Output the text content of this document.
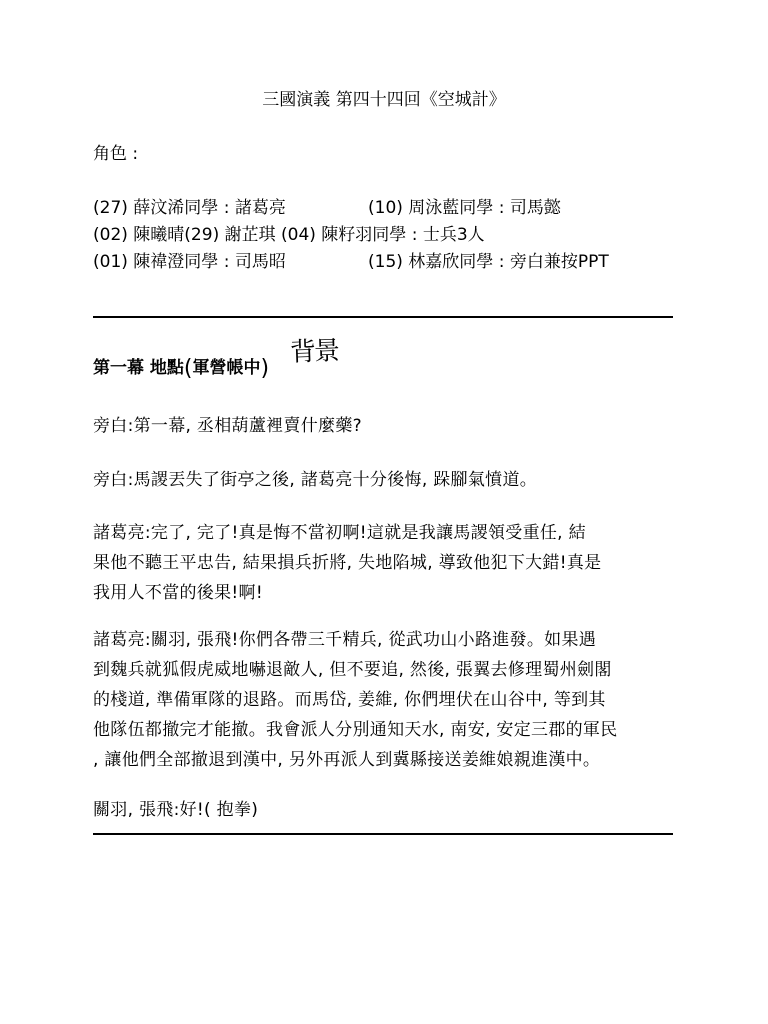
三國演義 第四十四回《空城計》
角色 :
(27) 薛汶浠同學 : 諸葛亮	(10) 周泳藍同學 : 司馬懿
(02) 陳曦晴(29) 謝芷琪 (04) 陳籽羽同學 : 士兵3人
(01) 陳禕澄同學 : 司馬昭	(15) 林嘉欣同學 : 旁白兼按PPT
第一幕 地點(軍營帳中)
背景

旁白:第一幕, 丞相葫蘆裡賣什麼藥?

旁白:馬謖丟失了街亭之後, 諸葛亮十分後悔, 跺腳氣憤道。

諸葛亮:完了, 完了!真是悔不當初啊!這就是我讓馬謖領受重任, 結

果他不聽王平忠告, 結果損兵折將, 失地陷城, 導致他犯下大錯!真是

我用人不當的後果!啊!

諸葛亮:關羽, 張飛!你們各帶三千精兵, 從武功山小路進發。如果遇

到魏兵就狐假虎威地嚇退敵人, 但不要追, 然後, 張翼去修理蜀州劍閣

的棧道, 準備軍隊的退路。而馬岱, 姜維, 你們埋伏在山谷中, 等到其

他隊伍都撤完才能撤。我會派人分別通知天水, 南安, 安定三郡的軍民

, 讓他們全部撤退到漢中, 另外再派人到冀縣接送姜維娘親進漢中。

關羽, 張飛:好!( 抱拳)
